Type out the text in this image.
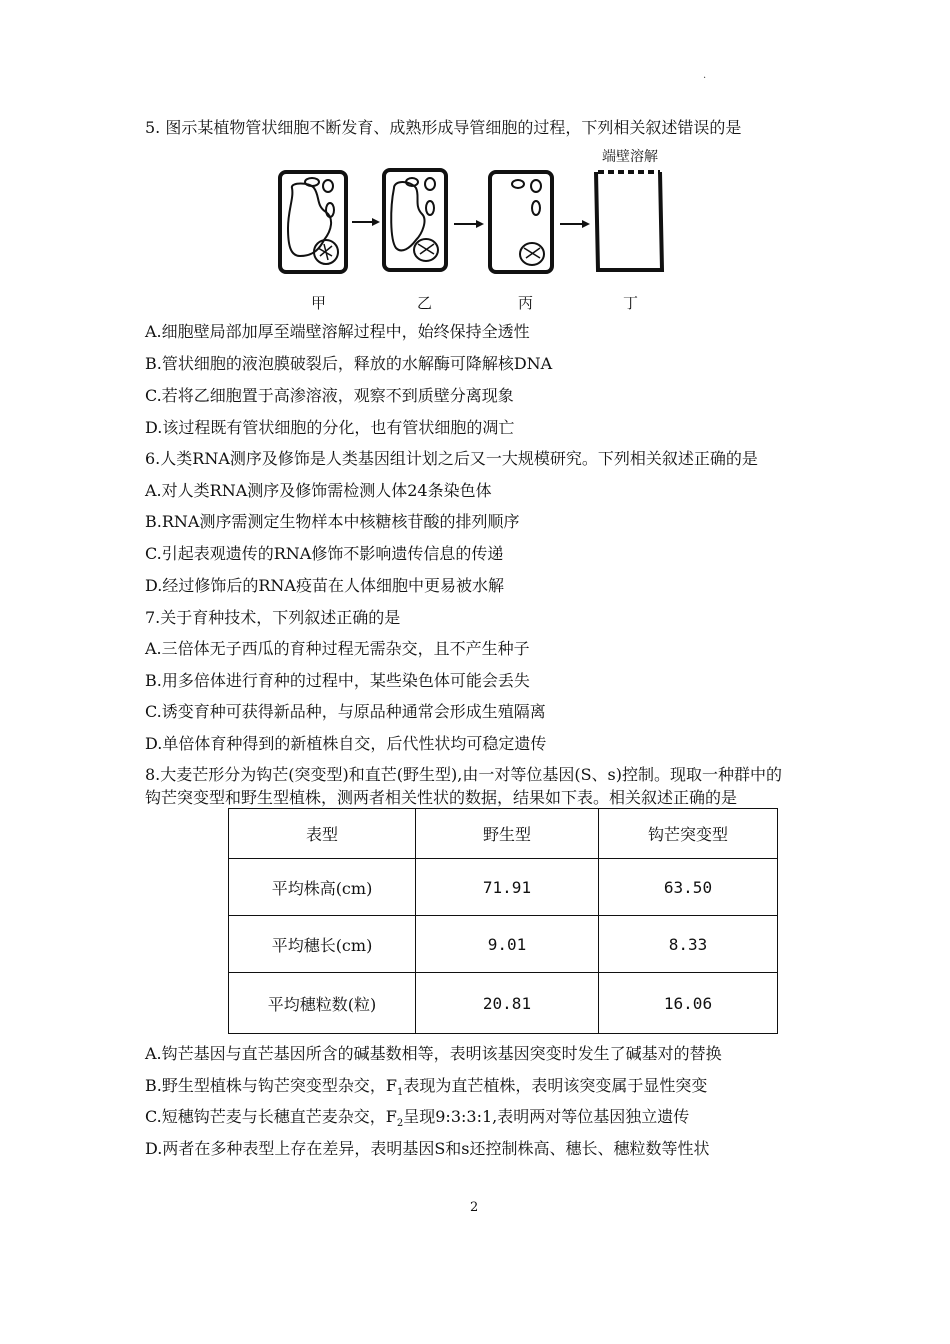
.
5. 图示某植物管状细胞不断发育、成熟形成导管细胞的过程，下列相关叙述错误的是
端壁溶解
甲	乙	丙	丁
A.细胞壁局部加厚至端壁溶解过程中，始终保持全透性
B.管状细胞的液泡膜破裂后，释放的水解酶可降解核DNA
C.若将乙细胞置于高渗溶液，观察不到质壁分离现象
D.该过程既有管状细胞的分化，也有管状细胞的凋亡
6.人类RNA测序及修饰是人类基因组计划之后又一大规模研究。下列相关叙述正确的是
A.对人类RNA测序及修饰需检测人体24条染色体
B.RNA测序需测定生物样本中核糖核苷酸的排列顺序
C.引起表观遗传的RNA修饰不影响遗传信息的传递
D.经过修饰后的RNA疫苗在人体细胞中更易被水解
7.关于育种技术，下列叙述正确的是
A.三倍体无子西瓜的育种过程无需杂交，且不产生种子
B.用多倍体进行育种的过程中，某些染色体可能会丢失
C.诱变育种可获得新品种，与原品种通常会形成生殖隔离
D.单倍体育种得到的新植株自交，后代性状均可稳定遗传
8.大麦芒形分为钩芒(突变型)和直芒(野生型),由一对等位基因(S、s)控制。现取一种群中的
钩芒突变型和野生型植株，测两者相关性状的数据，结果如下表。相关叙述正确的是
表型	野生型	钩芒突变型
平均株高(cm)	71.91	63.50
平均穗长(cm)	9.01	8.33
平均穗粒数(粒)	20.81	16.06
A.钩芒基因与直芒基因所含的碱基数相等，表明该基因突变时发生了碱基对的替换
B.野生型植株与钩芒突变型杂交，$F_1$表现为直芒植株，表明该突变属于显性突变
C.短穗钩芒麦与长穗直芒麦杂交，$F_2$呈现9:3:3:1,表明两对等位基因独立遗传
D.两者在多种表型上存在差异，表明基因S和s还控制株高、穗长、穗粒数等性状
2
